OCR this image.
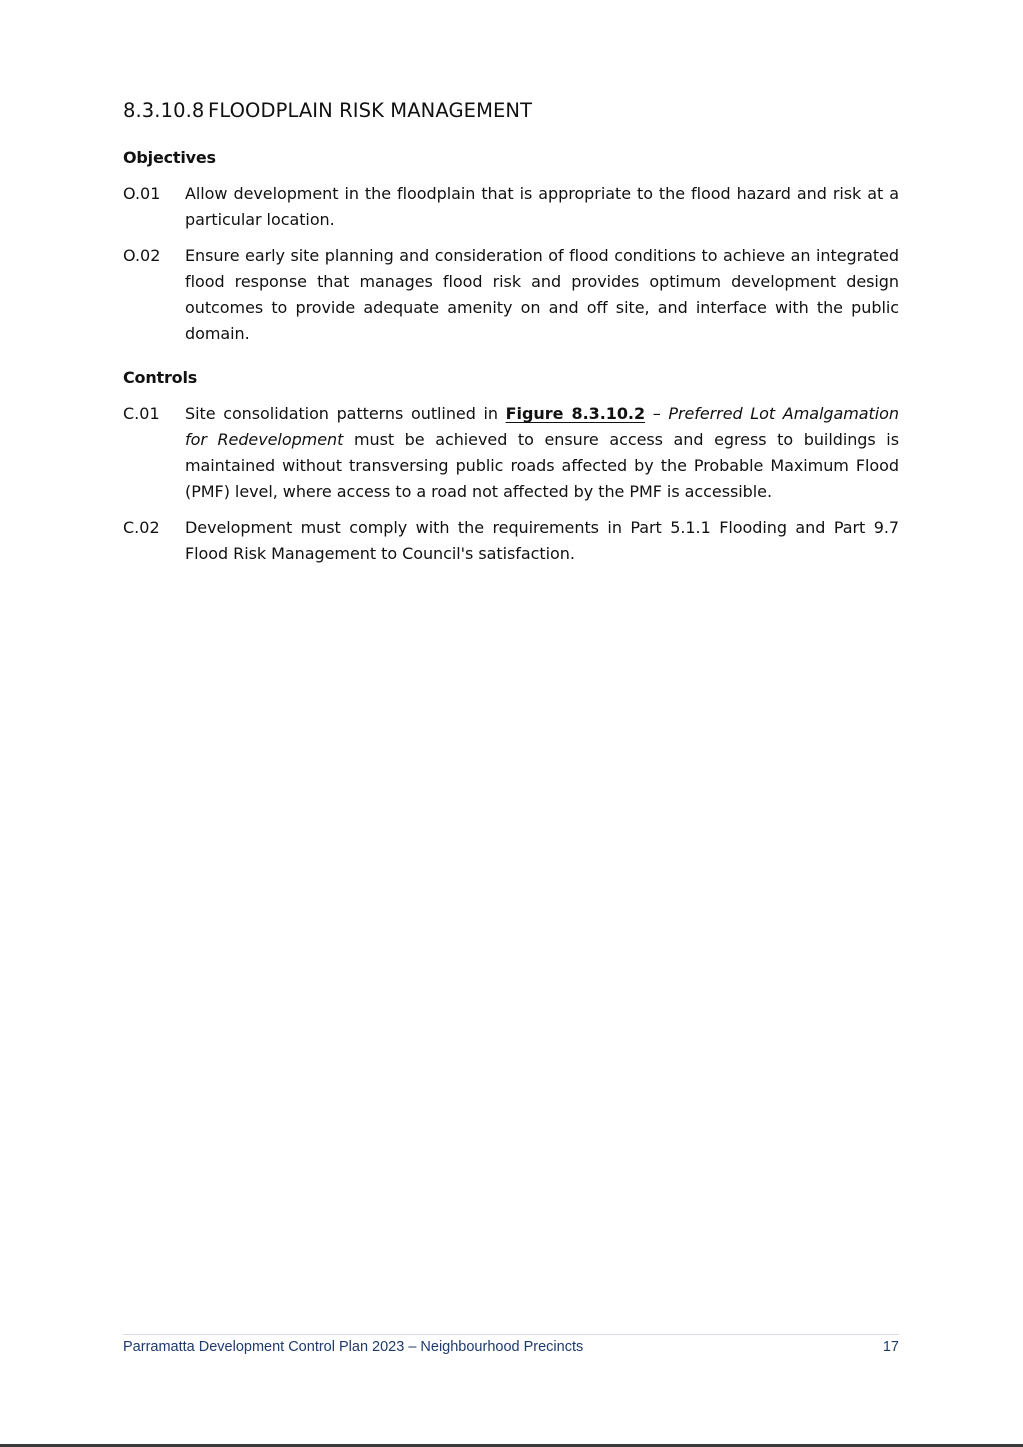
8.3.10.8 FLOODPLAIN RISK MANAGEMENT
Objectives
O.01	Allow development in the floodplain that is appropriate to the flood hazard and risk at a particular location.
O.02	Ensure early site planning and consideration of flood conditions to achieve an integrated flood response that manages flood risk and provides optimum development design outcomes to provide adequate amenity on and off site, and interface with the public domain.
Controls
C.01	Site consolidation patterns outlined in Figure 8.3.10.2 – Preferred Lot Amalgamation for Redevelopment must be achieved to ensure access and egress to buildings is maintained without transversing public roads affected by the Probable Maximum Flood (PMF) level, where access to a road not affected by the PMF is accessible.
C.02	Development must comply with the requirements in Part 5.1.1 Flooding and Part 9.7 Flood Risk Management to Council's satisfaction.
Parramatta Development Control Plan 2023 – Neighbourhood Precincts	17
